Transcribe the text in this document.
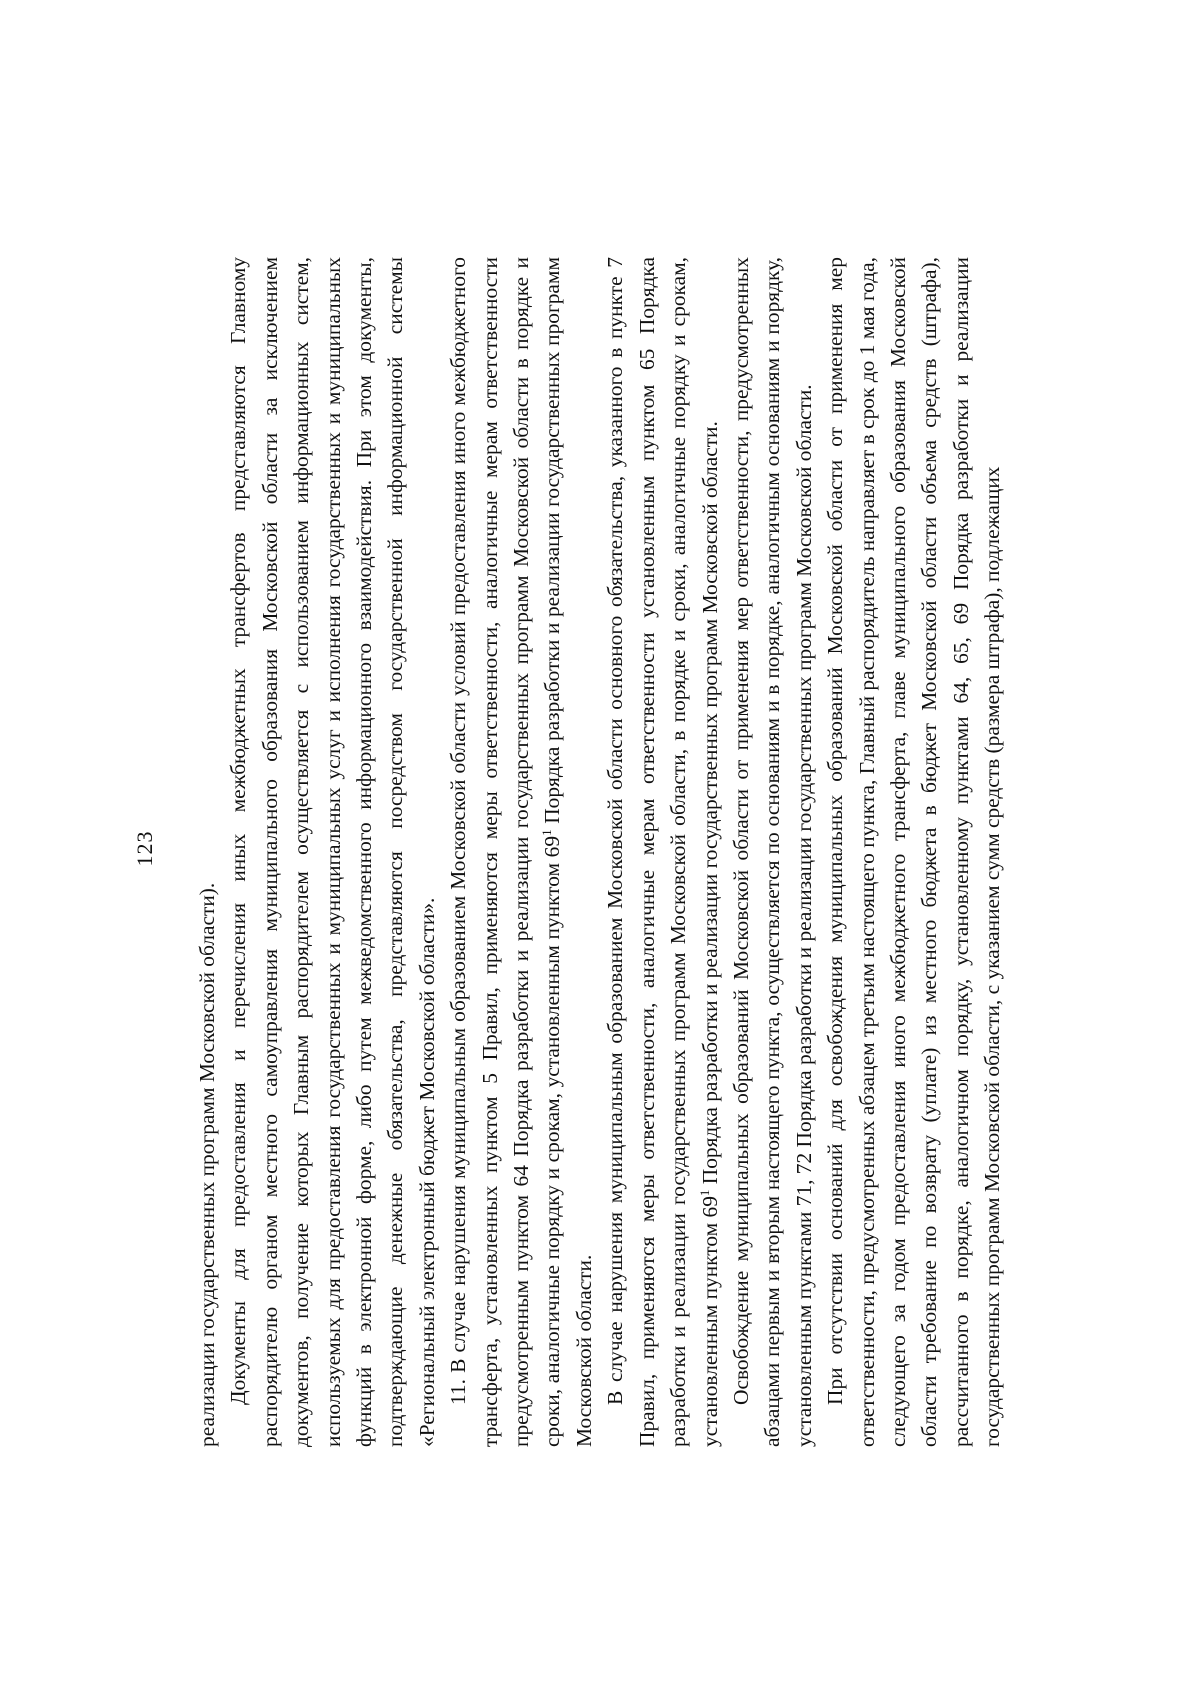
123

реализации государственных программ Московской области). Документы для предоставления и перечисления иных межбюджетных трансфертов представляются Главному распорядителю органом местного самоуправления муниципального образования Московской области за исключением документов, получение которых Главным распорядителем осуществляется с использованием информационных систем, используемых для предоставления государственных и муниципальных услуг и исполнения государственных и муниципальных функций в электронной форме, либо путем межведомственного информационного взаимодействия. При этом документы, подтверждающие денежные обязательства, представляются посредством государственной информационной системы «Региональный электронный бюджет Московской области». 11. В случае нарушения муниципальным образованием Московской области условий предоставления иного межбюджетного трансферта, установленных пунктом 5 Правил, применяются меры ответственности, аналогичные мерам ответственности предусмотренным пунктом 64 Порядка разработки и реализации государственных программ Московской области в порядке и сроки, аналогичные порядку и срокам, установленным пунктом $69^1$ Порядка разработки и реализации государственных программ Московской области. В случае нарушения муниципальным образованием Московской области основного обязательства, указанного в пункте 7 Правил, применяются меры ответственности, аналогичные мерам ответственности установленным пунктом 65 Порядка разработки и реализации государственных программ Московской области, в порядке и сроки, аналогичные порядку и срокам, установленным пунктом $69^1$ Порядка разработки и реализации государственных программ Московской области. Освобождение муниципальных образований Московской области от применения мер ответственности, предусмотренных абзацами первым и вторым настоящего пункта, осуществляется по основаниям и в порядке, аналогичным основаниям и порядку, установленным пунктами 71, 72 Порядка разработки и реализации государственных программ Московской области. При отсутствии оснований для освобождения муниципальных образований Московской области от применения мер ответственности, предусмотренных абзацем третьим настоящего пункта, Главный распорядитель направляет в срок до 1 мая года, следующего за годом предоставления иного межбюджетного трансферта, главе муниципального образования Московской области требование по возврату (уплате) из местного бюджета в бюджет Московской области объема средств (штрафа), рассчитанного в порядке, аналогичном порядку, установленному пунктами 64, 65, 69 Порядка разработки и реализации государственных программ Московской области, с указанием сумм средств (размера штрафа), подлежащих
